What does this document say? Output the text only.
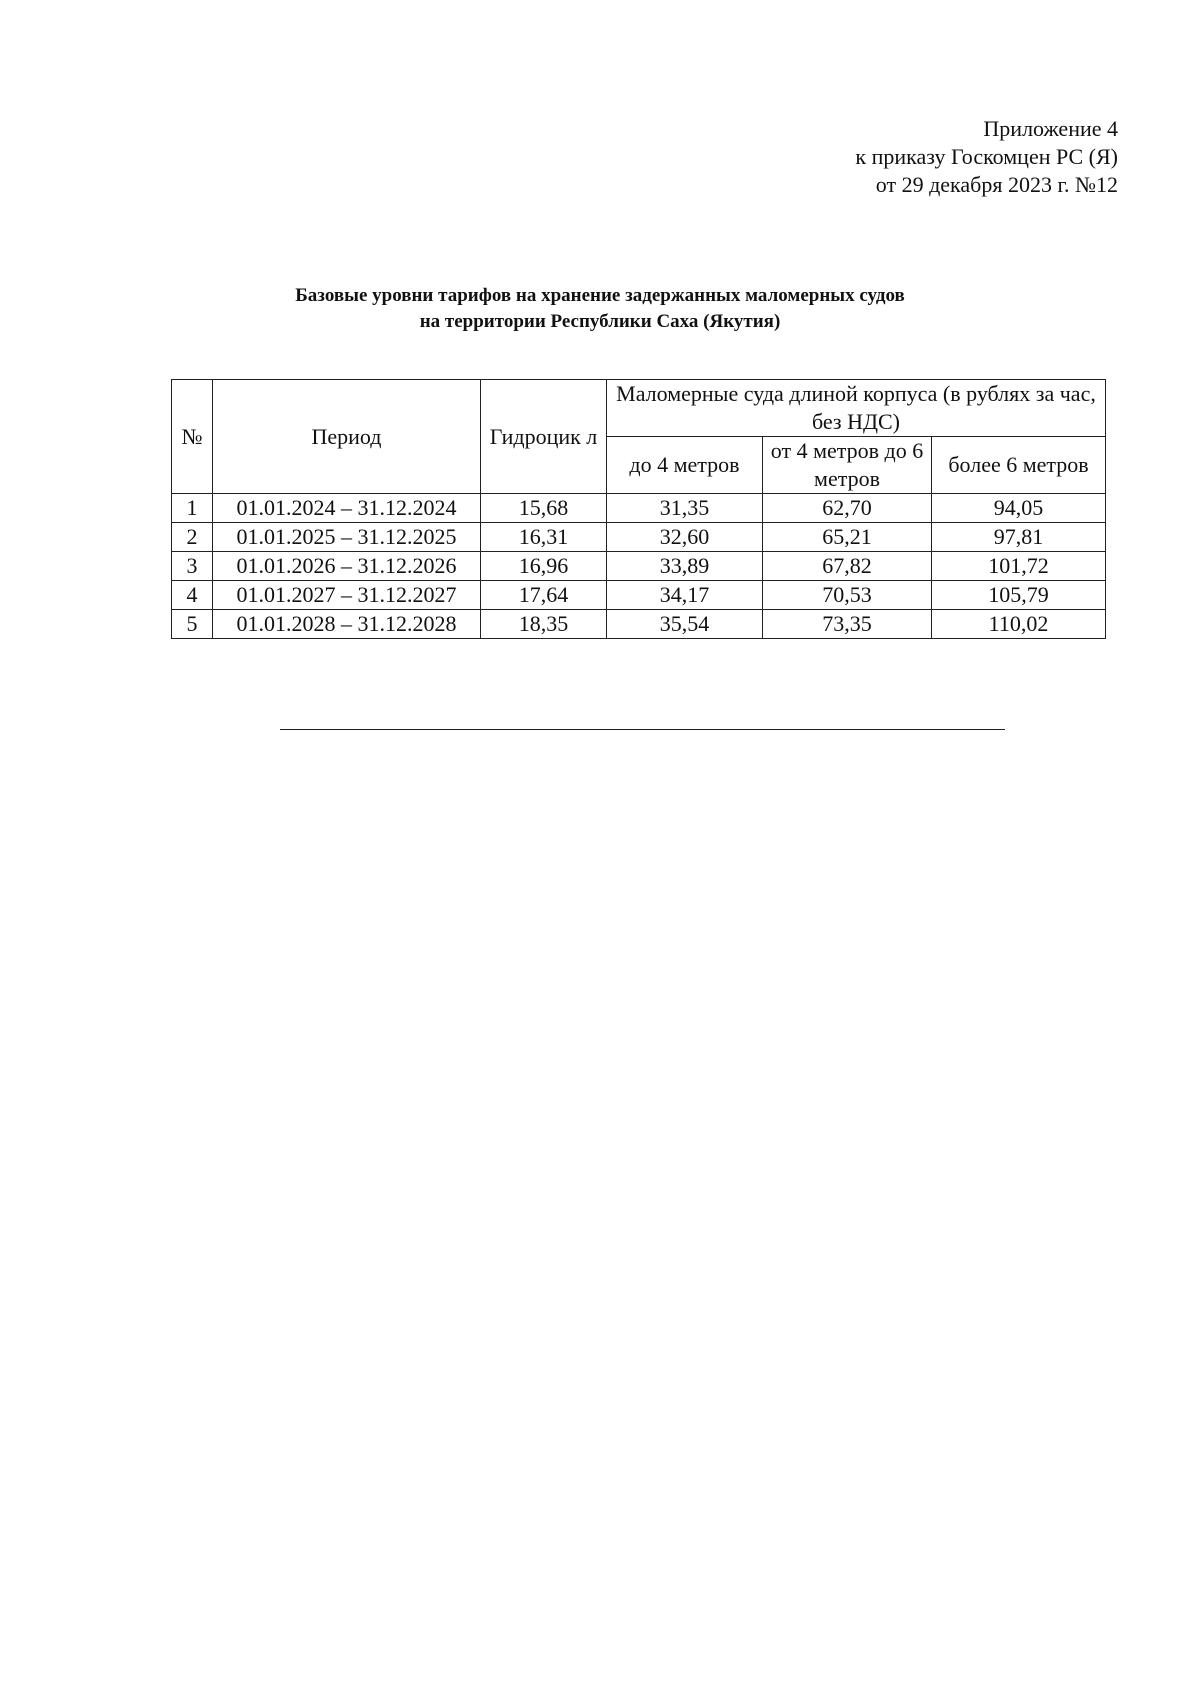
Приложение 4
к приказу Госкомцен РС (Я)
от 29 декабря 2023 г. №12
Базовые уровни тарифов на хранение задержанных маломерных судов
на территории Республики Саха (Якутия)
№	Период	Гидроцик л	Маломерные суда длиной корпуса (в рублях за час, без НДС)		
			до 4 метров	от 4 метров до 6 метров	более 6 метров
1	01.01.2024 – 31.12.2024	15,68	31,35	62,70	94,05
2	01.01.2025 – 31.12.2025	16,31	32,60	65,21	97,81
3	01.01.2026 – 31.12.2026	16,96	33,89	67,82	101,72
4	01.01.2027 – 31.12.2027	17,64	34,17	70,53	105,79
5	01.01.2028 – 31.12.2028	18,35	35,54	73,35	110,02
